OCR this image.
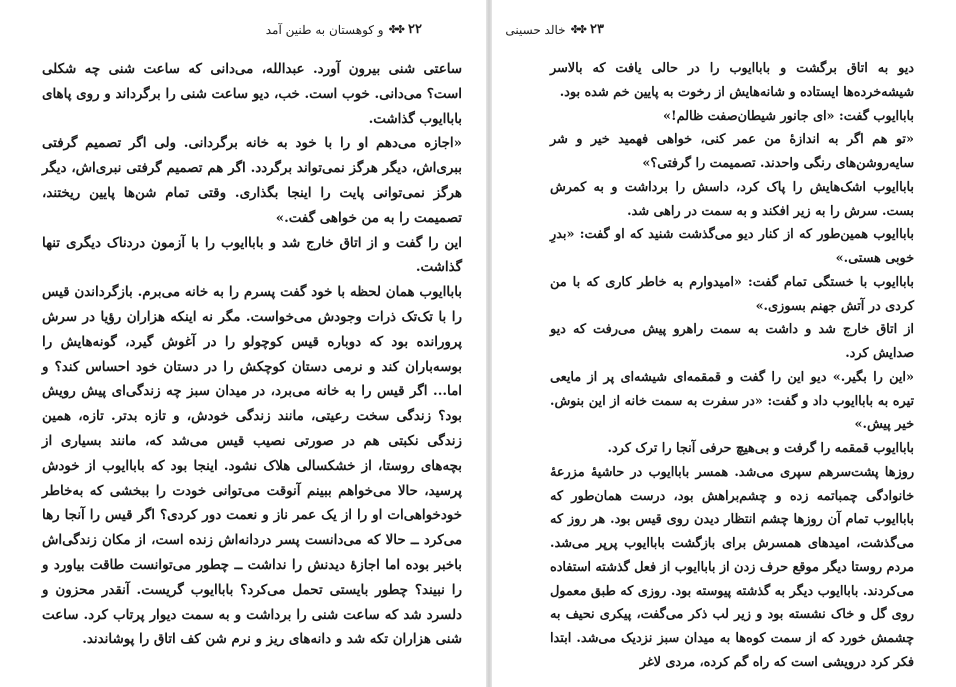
۲۲
✤✤
و کوهستان به طنین آمد

ساعتی شنی بیرون آورد. عبدالله، می‌دانی که ساعت شنی چه شکلی است؟ می‌دانی. خوب است. خب، دیو ساعت شنی را برگرداند و روی پاهای باباایوب گذاشت.

«اجازه می‌دهم او را با خود به خانه برگردانی. ولی اگر تصمیم گرفتی ببری‌اش، دیگر هرگز نمی‌تواند برگردد. اگر هم تصمیم گرفتی نبری‌اش، دیگر هرگز نمی‌توانی پایت را اینجا بگذاری. وقتی تمام شن‌ها پایین ریختند، تصمیمت را به من خواهی گفت.»

این را گفت و از اتاق خارج شد و باباایوب را با آزمون دردناک دیگری تنها گذاشت.

باباایوب همان لحظه با خود گفت پسرم را به خانه می‌برم. بازگرداندن قیس را با تک‌تک ذرات وجودش می‌خواست. مگر نه اینکه هزاران رؤیا در سرش پرورانده بود که دوباره قیس کوچولو را در آغوش گیرد، گونه‌هایش را بوسه‌باران کند و نرمی دستان کوچکش را در دستان خود احساس کند؟ و اما... اگر قیس را به خانه می‌برد، در میدان سبز چه زندگی‌ای پیش رویش بود؟ زندگی سخت رعیتی، مانند زندگی خودش، و تازه بدتر. تازه، همین زندگی نکبتی هم در صورتی نصیب قیس می‌شد که، مانند بسیاری از بچه‌های روستا، از خشکسالی هلاک نشود. اینجا بود که باباایوب از خودش پرسید، حالا می‌خواهم ببینم آنوقت می‌توانی خودت را ببخشی که به‌خاطر خودخواهی‌ات او را از یک عمر ناز و نعمت دور کردی؟ اگر قیس را آنجا رها می‌کرد ــ حالا که می‌دانست پسر دردانه‌اش زنده است، از مکان زندگی‌اش باخبر بوده اما اجازهٔ دیدنش را نداشت ــ چطور می‌توانست طاقت بیاورد و را نبیند؟ چطور بایستی تحمل می‌کرد؟ باباایوب گریست. آنقدر محزون و دلسرد شد که ساعت شنی را برداشت و به سمت دیوار پرتاب کرد. ساعت شنی هزاران تکه شد و دانه‌های ریز و نرم شن کف اتاق را پوشاندند.

۲۳
✤✤
خالد حسینی

دیو به اتاق برگشت و باباایوب را در حالی یافت که بالاسر شیشه‌خرده‌ها ایستاده و شانه‌هایش از رخوت به پایین خم شده بود.

باباایوب گفت: «ای جانور شیطان‌صفت ظالم!»

«تو هم اگر به اندازهٔ من عمر کنی، خواهی فهمید خیر و شر سایه‌روشن‌های رنگی واحدند. تصمیمت را گرفتی؟»

باباایوب اشک‌هایش را پاک کرد، داسش را برداشت و به کمرش بست. سرش را به زیر افکند و به سمت در راهی شد.

باباایوب همین‌طور که از کنار دیو می‌گذشت شنید که او گفت: «بدرِ خوبی هستی.»

باباایوب با خستگی تمام گفت: «امیدوارم به خاطر کاری که با من کردی در آتش جهنم بسوزی.»

از اتاق خارج شد و داشت به سمت راهرو پیش می‌رفت که دیو صدایش کرد.

«این را بگیر.» دیو این را گفت و قمقمه‌ای شیشه‌ای پر از مایعی تیره به باباایوب داد و گفت: «در سفرت به سمت خانه از این بنوش. خیر پیش.»

باباایوب قمقمه را گرفت و بی‌هیچ حرفی آنجا را ترک کرد.

روزها پشت‌سرهم سپری می‌شد. همسر باباایوب در حاشیهٔ مزرعهٔ خانوادگی چمباتمه زده و چشم‌براهش بود، درست همان‌طور که باباایوب تمام آن روزها چشم انتظار دیدن روی قیس بود. هر روز که می‌گذشت، امیدهای همسرش برای بازگشت باباایوب پرپر می‌شد. مردم روستا دیگر موقع حرف زدن از باباایوب از فعل گذشته استفاده می‌کردند. باباایوب دیگر به گذشته پیوسته بود. روزی که طبق معمول روی گل و خاک نشسته بود و زیر لب ذکر می‌گفت، پیکری نحیف به چشمش خورد که از سمت کوه‌ها به میدان سبز نزدیک می‌شد. ابتدا فکر کرد درویشی است که راه گم کرده، مردی لاغر
